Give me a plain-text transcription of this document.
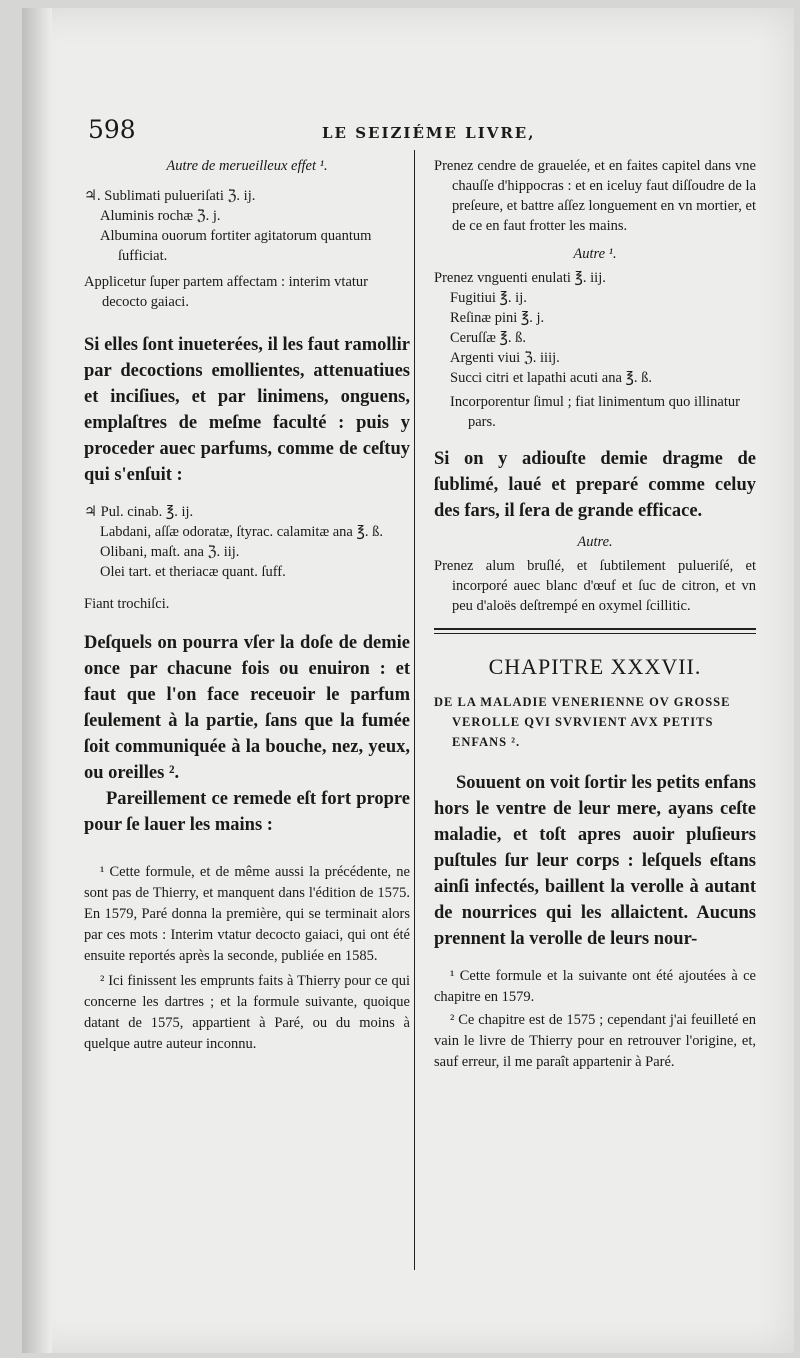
598	LE SEIZIÉME LIVRE,

Autre de merueilleux effet ¹.

♃. Sublimati pulueriſati ℨ. ij.

Aluminis rochæ ℨ. j.

Albumina ouorum fortiter agitatorum quantum ſufficiat.

Applicetur ſuper partem affectam : interim vtatur decocto gaiaci.

Si elles ſont inueterées, il les faut ramollir par decoctions emollientes, attenuatiues et inciſiues, et par linimens, onguens, emplaſtres de meſme faculté : puis y proceder auec parfums, comme de ceſtuy qui s'enſuit :

♃ Pul. cinab. ℥. ij.

Labdani, aſſæ odoratæ, ſtyrac. calamitæ ana ℥. ß.

Olibani, maſt. ana ℨ. iij.

Olei tart. et theriacæ quant. ſuff.

Fiant trochiſci.

Deſquels on pourra vſer la doſe de demie once par chacune fois ou enuiron : et faut que l'on face receuoir le parfum ſeulement à la partie, ſans que la fumée ſoit communiquée à la bouche, nez, yeux, ou oreilles ².

Pareillement ce remede eſt fort propre pour ſe lauer les mains :

¹ Cette formule, et de même aussi la précédente, ne sont pas de Thierry, et manquent dans l'édition de 1575. En 1579, Paré donna la première, qui se terminait alors par ces mots : Interim vtatur decocto gaiaci, qui ont été ensuite reportés après la seconde, publiée en 1585.

² Ici finissent les emprunts faits à Thierry pour ce qui concerne les dartres ; et la formule suivante, quoique datant de 1575, appartient à Paré, ou du moins à quelque autre auteur inconnu.

Prenez cendre de grauelée, et en faites capitel dans vne chauſſe d'hippocras : et en iceluy faut diſſoudre de la preſeure, et battre aſſez longuement en vn mortier, et de ce en faut frotter les mains.

Autre ¹.

Prenez vnguenti enulati ℥. iij.

Fugitiui ℥. ij.

Reſinæ pini ℥. j.

Ceruſſæ ℥. ß.

Argenti viui ℨ. iiij.

Succi citri et lapathi acuti ana ℥. ß.

Incorporentur ſimul ; fiat linimentum quo illinatur pars.

Si on y adiouſte demie dragme de ſublimé, laué et preparé comme celuy des fars, il ſera de grande efficace.

Autre.

Prenez alum bruſlé, et ſubtilement pulueriſé, et incorporé auec blanc d'œuf et ſuc de citron, et vn peu d'aloës deſtrempé en oxymel ſcillitic.

CHAPITRE XXXVII.

DE LA MALADIE VENERIENNE OV GROSSE VEROLLE QVI SVRVIENT AVX PETITS ENFANS ².

Souuent on voit ſortir les petits enfans hors le ventre de leur mere, ayans ceſte maladie, et toſt apres auoir pluſieurs puſtules ſur leur corps : leſquels eſtans ainſi infectés, baillent la verolle à autant de nourrices qui les allaictent. Aucuns prennent la verolle de leurs nour-

¹ Cette formule et la suivante ont été ajoutées à ce chapitre en 1579.

² Ce chapitre est de 1575 ; cependant j'ai feuilleté en vain le livre de Thierry pour en retrouver l'origine, et, sauf erreur, il me paraît appartenir à Paré.
